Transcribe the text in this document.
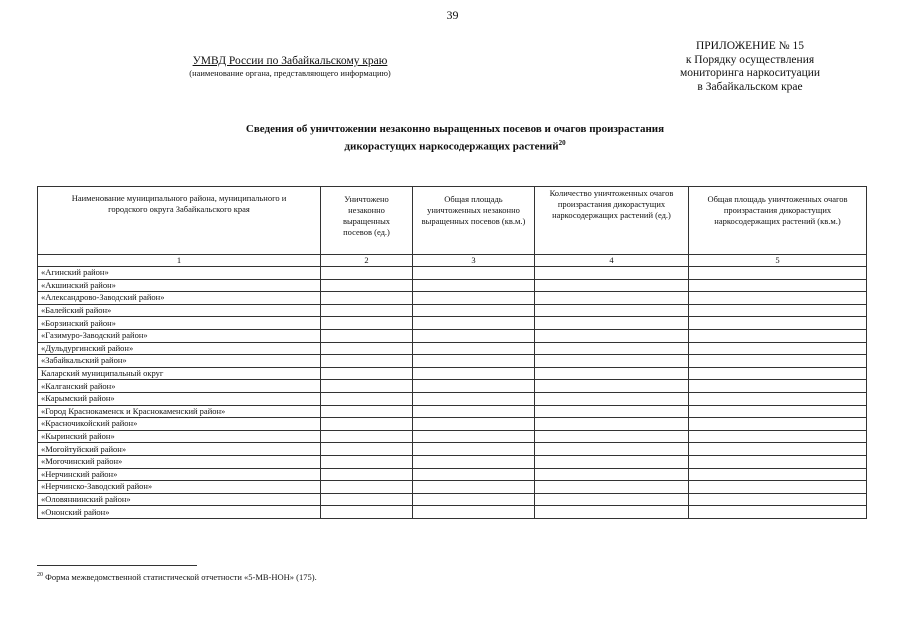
39
УМВД России по Забайкальскому краю
(наименование органа, представляющего информацию)
ПРИЛОЖЕНИЕ № 15
к Порядку осуществления
мониторинга наркоситуации
в Забайкальском крае
Сведения об уничтожении незаконно выращенных посевов и очагов произрастания
дикорастущих наркосодержащих растений$^{20}$
Наименование муниципального района, муниципального и городского округа Забайкальского края	Уничтожено незаконно выращенных посевов (ед.)	Общая площадь уничтоженных незаконно выращенных посевов (кв.м.)	Количество уничтоженных очагов произрастания дикорастущих наркосодержащих растений (ед.)	Общая площадь уничтоженных очагов произрастания дикорастущих наркосодержащих растений (кв.м.)
1	2	3	4	5
«Агинский район»				
«Акшинский район»				
«Александрово-Заводский район»				
«Балейский район»				
«Борзинский район»				
«Газимуро-Заводский район»				
«Дульдургинский район»				
«Забайкальский район»				
Каларский муниципальный округ				
«Калганский район»				
«Карымский район»				
«Город Краснокаменск и Краснокаменский район»				
«Красночикойский район»				
«Кыринский район»				
«Могойтуйский район»				
«Могочинский район»				
«Нерчинский район»				
«Нерчинско-Заводский район»				
«Оловяннинский район»				
«Ононский район»				
$^{20}$ Форма межведомственной статистической отчетности «5-МВ-НОН» (175).
